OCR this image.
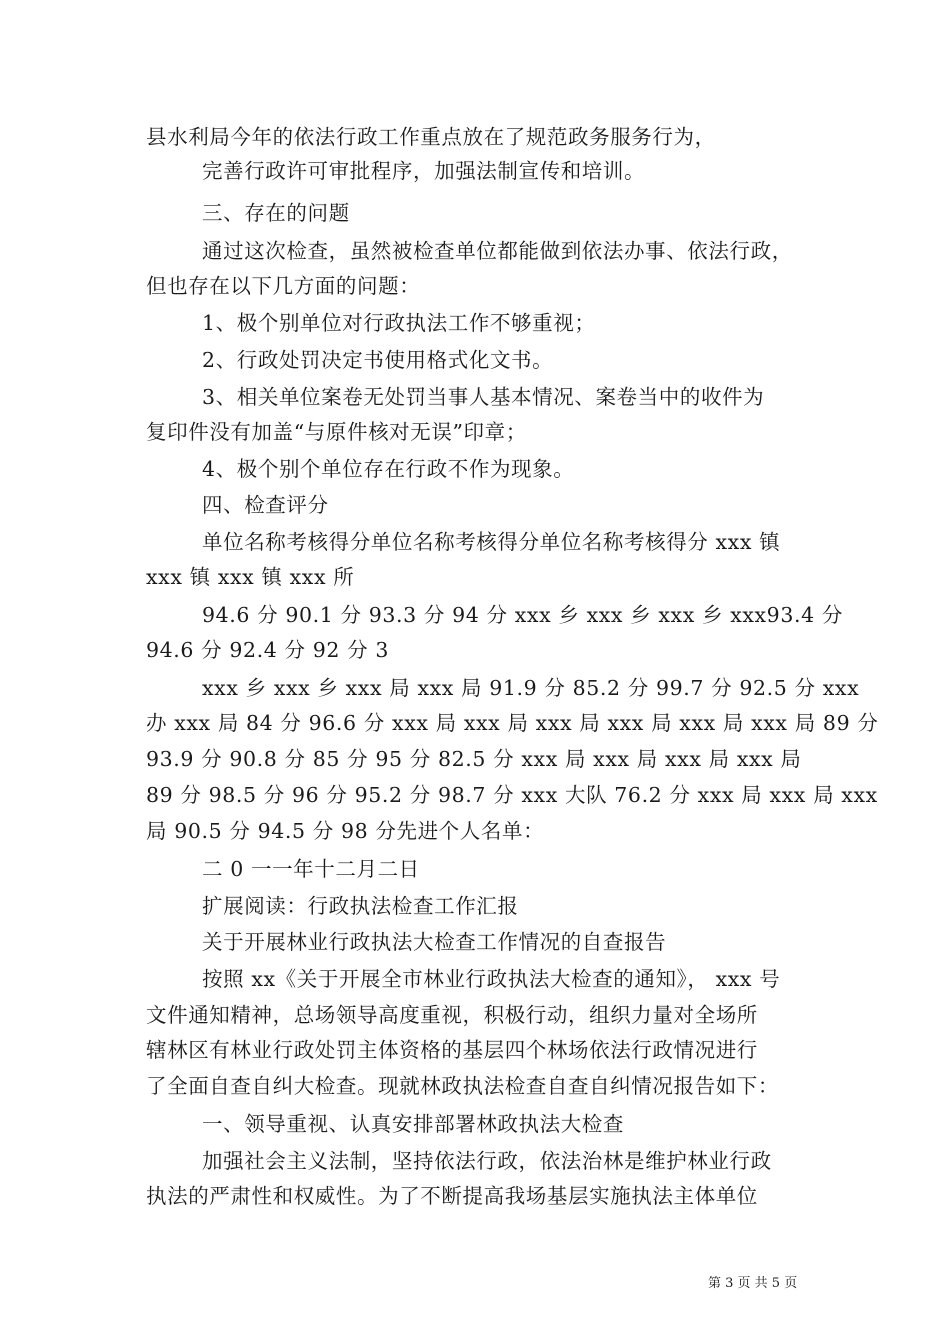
县水利局今年的依法行政工作重点放在了规范政务服务行为，
完善行政许可审批程序，加强法制宣传和培训。
三、存在的问题
通过这次检查，虽然被检查单位都能做到依法办事、依法行政，
但也存在以下几方面的问题：
1、极个别单位对行政执法工作不够重视；
2、行政处罚决定书使用格式化文书。
3、相关单位案卷无处罚当事人基本情况、案卷当中的收件为
复印件没有加盖“与原件核对无误”印章；
4、极个别个单位存在行政不作为现象。
四、检查评分
单位名称考核得分单位名称考核得分单位名称考核得分 xxx 镇
xxx 镇 xxx 镇 xxx 所
94.6 分 90.1 分 93.3 分 94 分 xxx 乡 xxx 乡 xxx 乡 xxx93.4 分
94.6 分 92.4 分 92 分 3
xxx 乡 xxx 乡 xxx 局 xxx 局 91.9 分 85.2 分 99.7 分 92.5 分 xxx
办 xxx 局 84 分 96.6 分 xxx 局 xxx 局 xxx 局 xxx 局 xxx 局 xxx 局 89 分
93.9 分 90.8 分 85 分 95 分 82.5 分 xxx 局 xxx 局 xxx 局 xxx 局
89 分 98.5 分 96 分 95.2 分 98.7 分 xxx 大队 76.2 分 xxx 局 xxx 局 xxx
局 90.5 分 94.5 分 98 分先进个人名单：
二 0 一一年十二月二日
扩展阅读：行政执法检查工作汇报
关于开展林业行政执法大检查工作情况的自查报告
按照 xx《关于开展全市林业行政执法大检查的通知》， xxx 号
文件通知精神，总场领导高度重视，积极行动，组织力量对全场所
辖林区有林业行政处罚主体资格的基层四个林场依法行政情况进行
了全面自查自纠大检查。现就林政执法检查自查自纠情况报告如下：
一、领导重视、认真安排部署林政执法大检查
加强社会主义法制，坚持依法行政，依法治林是维护林业行政
执法的严肃性和权威性。为了不断提高我场基层实施执法主体单位
第 3 页 共 5 页
